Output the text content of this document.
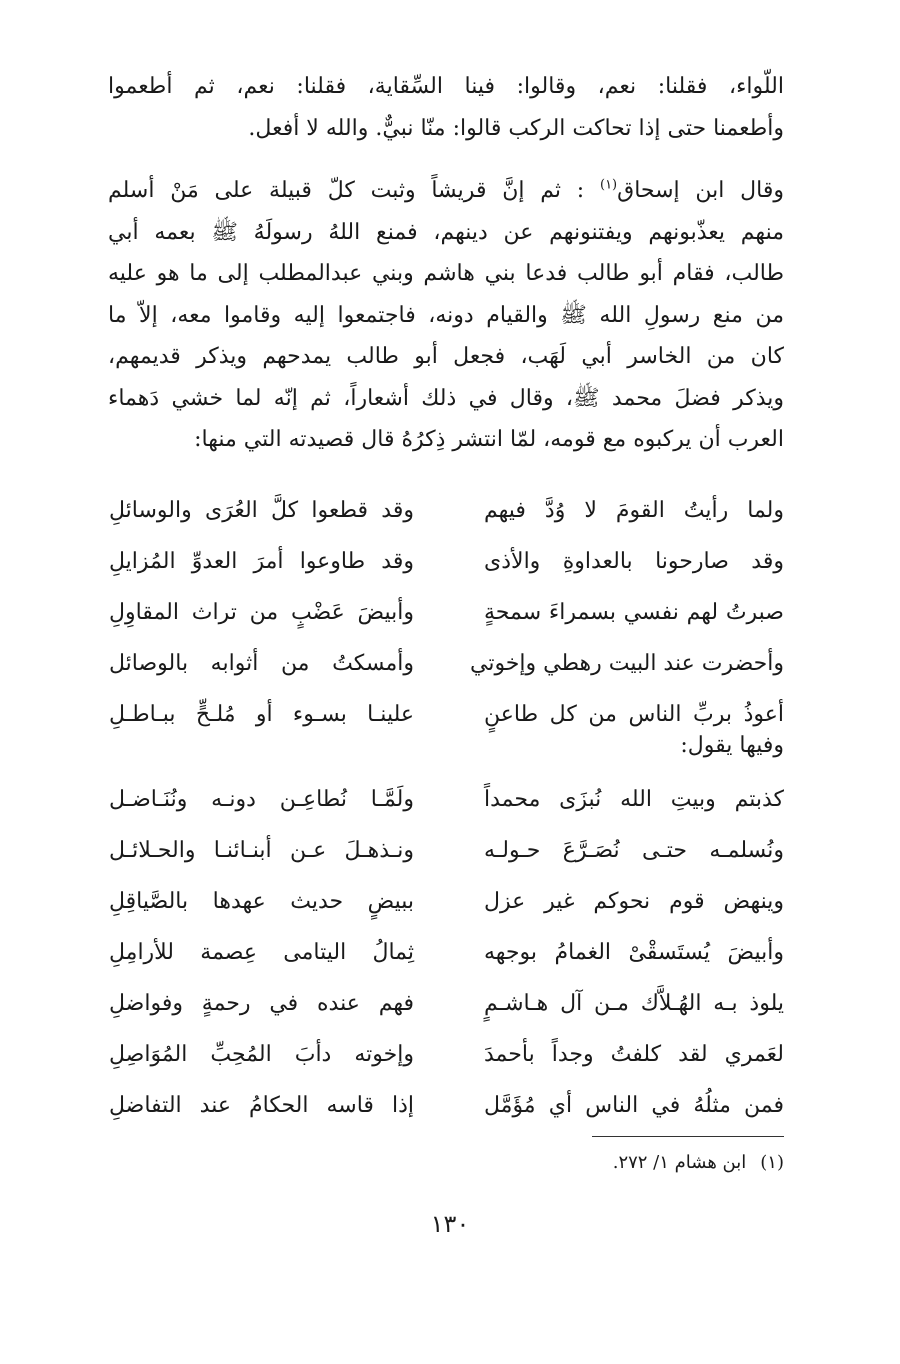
اللّواء، فقلنا: نعم، وقالوا: فينا السِّقاية، فقلنا: نعم، ثم أطعموا

وأطعمنا حتى إذا تحاكت الركب قالوا: منّا نبيٌّ. والله لا أفعل.

وقال ابن إسحاق$^{(١)}$ : ثم إنَّ قريشاً وثبت كلّ قبيلة على مَنْ أسلم

منهم يعذّبونهم ويفتنونهم عن دينهم، فمنع اللهُ رسولَهُ ﷺ بعمه أبي

طالب، فقام أبو طالب فدعا بني هاشم وبني عبدالمطلب إلى ما هو عليه

من منع رسولِ الله ﷺ والقيام دونه، فاجتمعوا إليه وقاموا معه، إلاّ ما

كان من الخاسر أبي لَهَب، فجعل أبو طالب يمدحهم ويذكر قديمهم،

ويذكر فضلَ محمد ﷺ، وقال في ذلك أشعاراً، ثم إنّه لما خشي دَهماء

العرب أن يركبوه مع قومه، لمّا انتشر ذِكرُهُ قال قصيدته التي منها:

ولما رأيتُ القومَ لا وُدَّ فيهم
وقد قطعوا كلَّ العُرَى والوسائلِ
وقد صارحونا بالعداوةِ والأذى
وقد طاوعوا أمرَ العدوِّ المُزايلِ
صبرتُ لهم نفسي بسمراءَ سمحةٍ
وأبيضَ عَضْبٍ من تراث المقاوِلِ
وأحضرت عند البيت رهطي وإخوتي
وأمسكتُ من أثوابه بالوصائل
أعوذُ بربِّ الناس من كل طاعنٍ
علينـا بسـوء أو مُلـحٍّ ببـاطـلِ
وفيها يقول:
كذبتم وبيتِ الله نُبزَى محمداً
ولَمَّـا نُطاعِـن دونـه ونُنَـاضـل
ونُسلمـه حتـى نُصَـرَّعَ حـولـه
ونـذهـلَ عـن أبنـائنـا والحـلائـل
وينهض قوم نحوكم غير عزل
ببيضٍ حديث عهدها بالصَّياقِلِ
وأبيضَ يُستَسقْىْ الغمامُ بوجهه
ثِمالُ اليتامى عِصمة للأرامِلِ
يلوذ بـه الهُـلاَّك مـن آل هـاشـمٍ
فهم عنده في رحمةٍ وفواضلِ
لعَمري لقد كلفتُ وجداً بأحمدَ
وإخوته دأبَ المُحِبِّ المُوَاصِلِ
فمن مثلُهُ في الناس أي مُؤَمَّل
إذا قاسه الحكامُ عند التفاضلِ
(١)ابن هشام ١/ ٢٧٢.
١٣٠
